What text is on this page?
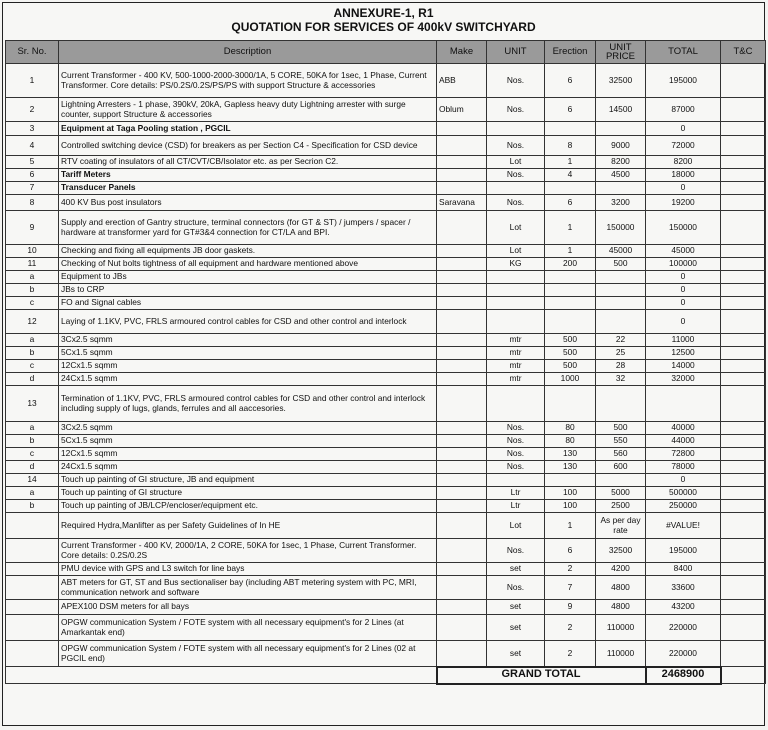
ANNEXURE-1, R1
QUOTATION FOR SERVICES OF 400kV SWITCHYARD
Sr. No.	Description	Make	UNIT	Erection	UNIT PRICE	TOTAL	T&C
1	Current Transformer - 400 KV, 500-1000-2000-3000/1A, 5 CORE, 50KA for 1sec, 1 Phase, Current Transformer. Core details: PS/0.2S/0.2S/PS/PS with support Structure & accessories	ABB	Nos.	6	32500	195000	
2	Lightning Arresters - 1 phase, 390kV, 20kA, Gapless heavy duty Lightning arrester with surge counter, support Structure & accessories	Oblum	Nos.	6	14500	87000	
3	Equipment at Taga Pooling station , PGCIL					0	
4	Controlled switching device (CSD) for breakers as per Section C4 - Specification for CSD device		Nos.	8	9000	72000	
5	RTV coating of insulators of all CT/CVT/CB/Isolator etc. as per Secrion C2.		Lot	1	8200	8200	
6	Tariff Meters		Nos.	4	4500	18000	
7	Transducer Panels					0	
8	400 KV Bus post insulators	Saravana	Nos.	6	3200	19200	
9	Supply and erection of Gantry structure, terminal connectors (for GT & ST) / jumpers / spacer / hardware at transformer yard for GT#3&4 connection for CT/LA and BPI.		Lot	1	150000	150000	
10	Checking and fixing all equipments JB door gaskets.		Lot	1	45000	45000	
11	Checking of Nut bolts tightness of all equipment and hardware mentioned above		KG	200	500	100000	
a	Equipment to JBs					0	
b	JBs to CRP					0	
c	FO and Signal cables					0	
12	Laying of 1.1KV, PVC, FRLS armoured control cables for CSD and other control and interlock					0	
a	3Cx2.5 sqmm		mtr	500	22	11000	
b	5Cx1.5 sqmm		mtr	500	25	12500	
c	12Cx1.5 sqmm		mtr	500	28	14000	
d	24Cx1.5 sqmm		mtr	1000	32	32000	
13	Termination of 1.1KV, PVC, FRLS armoured control cables for CSD and other control and interlock including supply of lugs, glands, ferrules and all aaccesories.						
a	3Cx2.5 sqmm		Nos.	80	500	40000	
b	5Cx1.5 sqmm		Nos.	80	550	44000	
c	12Cx1.5 sqmm		Nos.	130	560	72800	
d	24Cx1.5 sqmm		Nos.	130	600	78000	
14	Touch up painting of GI structure, JB and equipment					0	
a	Touch up painting of GI structure		Ltr	100	5000	500000	
b	Touch up painting of JB/LCP/encloser/equipment etc.		Ltr	100	2500	250000	
	Required Hydra,Manlifter as per Safety Guidelines of In HE		Lot	1	As per day rate	#VALUE!	
	Current Transformer - 400 KV, 2000/1A, 2 CORE, 50KA for 1sec, 1 Phase, Current Transformer. Core details: 0.2S/0.2S		Nos.	6	32500	195000	
	PMU device with GPS and L3 switch for line bays		set	2	4200	8400	
	ABT meters for GT, ST and Bus sectionaliser bay (including ABT metering system with PC, MRI, communication network and software		Nos.	7	4800	33600	
	APEX100 DSM meters for all bays		set	9	4800	43200	
	OPGW communication System / FOTE system with all necessary equipment's for 2 Lines (at Amarkantak end)		set	2	110000	220000	
	OPGW communication System / FOTE system with all necessary equipment's for 2 Lines (02 at PGCIL end)		set	2	110000	220000	
		GRAND TOTAL				2468900	
